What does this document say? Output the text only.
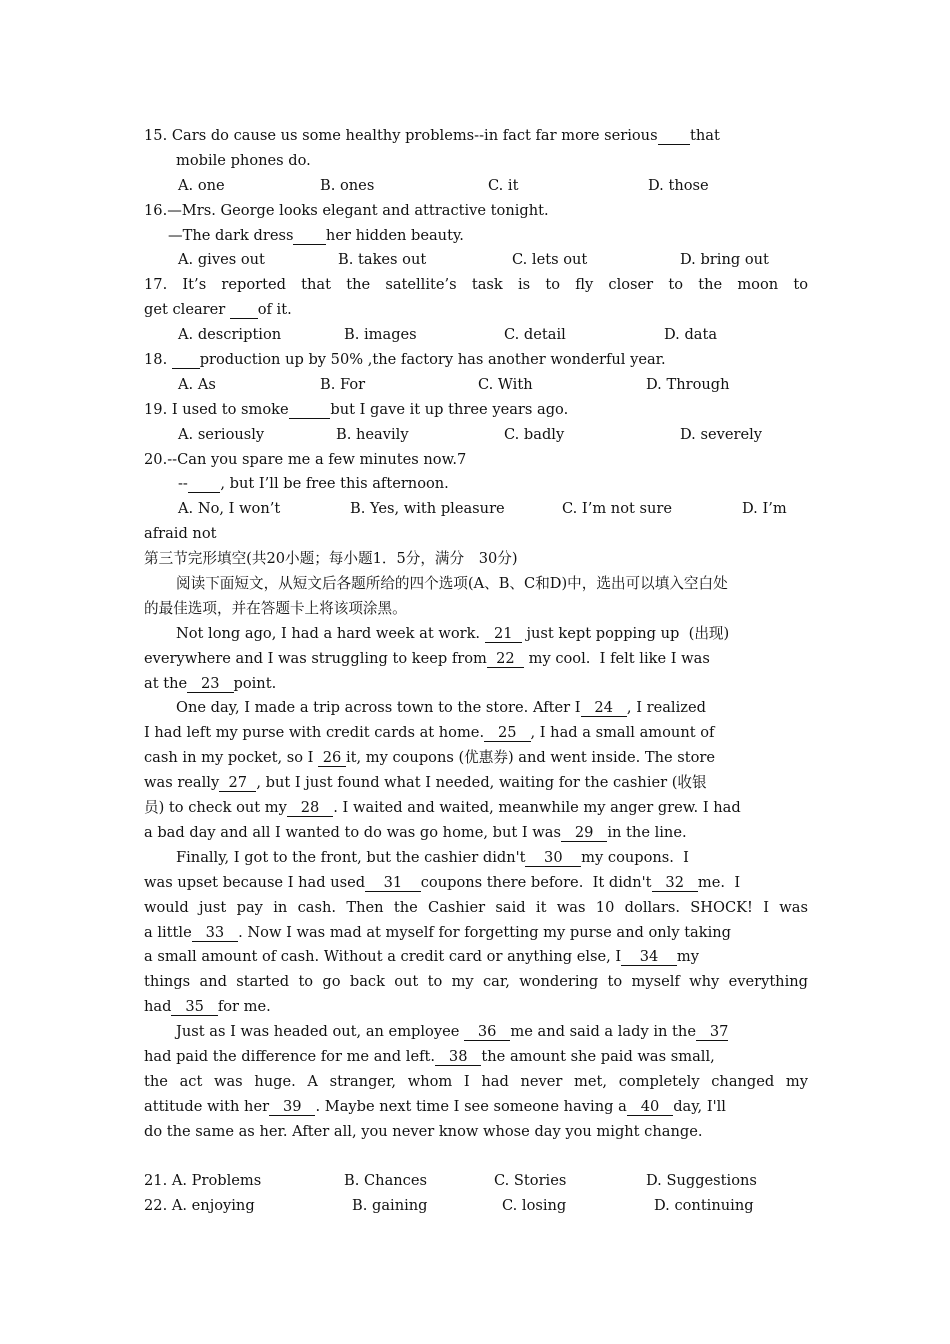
15. Cars do cause us some healthy problems--in fact far more serious that
mobile phones do.

A. one

	B. ones

	C. it

	D. those

16.—Mrs. George looks elegant and attractive tonight.
—The dark dress her hidden beauty.

A. gives out

	B. takes out

	C. lets out

	D. bring out

17. It’s reported that the satellite’s task is to fly closer to the moon to
get clearer       of it.

A. description

	B. images

	C. detail

	D. data

18.       production up by 50% ,the factory has another wonderful year.

A. As

	B. For

	C. With

	D. Through

19. I used to smoke	but I gave it up three years ago.

A. seriously

	B. heavily

	C. badly

	D. severely

20.--Can you spare me a few minutes now.7
-- , but I’ll be free this afternoon.

A. No, I won’t

	B. Yes, with pleasure

	C. I’m not sure

	D. I’m

afraid not
第三节完形填空(共20小题；每小题1．5分，满分　30分)
阅读下面短文，从短文后各题所给的四个选项(A、B、C和D)中，选出可以填入空白处
的最佳选项，并在答题卡上将该项涂黑。
Not long ago, I had a hard week at work.   21   just kept popping up  (出现)
everywhere and I was struggling to keep from  22   my cool.  I felt like I was
at the   23   point.
One day, I made a trip across town to the store. After I   24   , I realized
I had left my purse with credit cards at home.   25   , I had a small amount of
cash in my pocket, so I  26 it, my coupons (优惠券) and went inside. The store
was really  27  , but I just found what I needed, waiting for the cashier (收银
员) to check out my   28   . I waited and waited, meanwhile my anger grew. I had
a bad day and all I wanted to do was go home, but I was   29   in the line.
Finally, I got to the front, but the cashier didn't    30    my coupons.  I
was upset because I had used    31    coupons there before.  It didn't   32   me.  I
would just pay in cash. Then the Cashier said it was 10 dollars. SHOCK! I was
a little   33   . Now I was mad at myself for forgetting my purse and only taking
a small amount of cash. Without a credit card or anything else, I    34    my
things and started to go back out to my car, wondering to myself why everything
had   35   for me.
Just as I was headed out, an employee    36   me and said a lady in the   37
had paid the difference for me and left.   38   the amount she paid was small,
the act was huge. A stranger, whom I had never met, completely changed my
attitude with her   39   . Maybe next time I see someone having a   40   day, I'll
do the same as her. After all, you never know whose day you might change.

21. A. Problems

	B. Chances

	C. Stories

	D. Suggestions

22. A. enjoying

	B. gaining

	C. losing

	D. continuing
